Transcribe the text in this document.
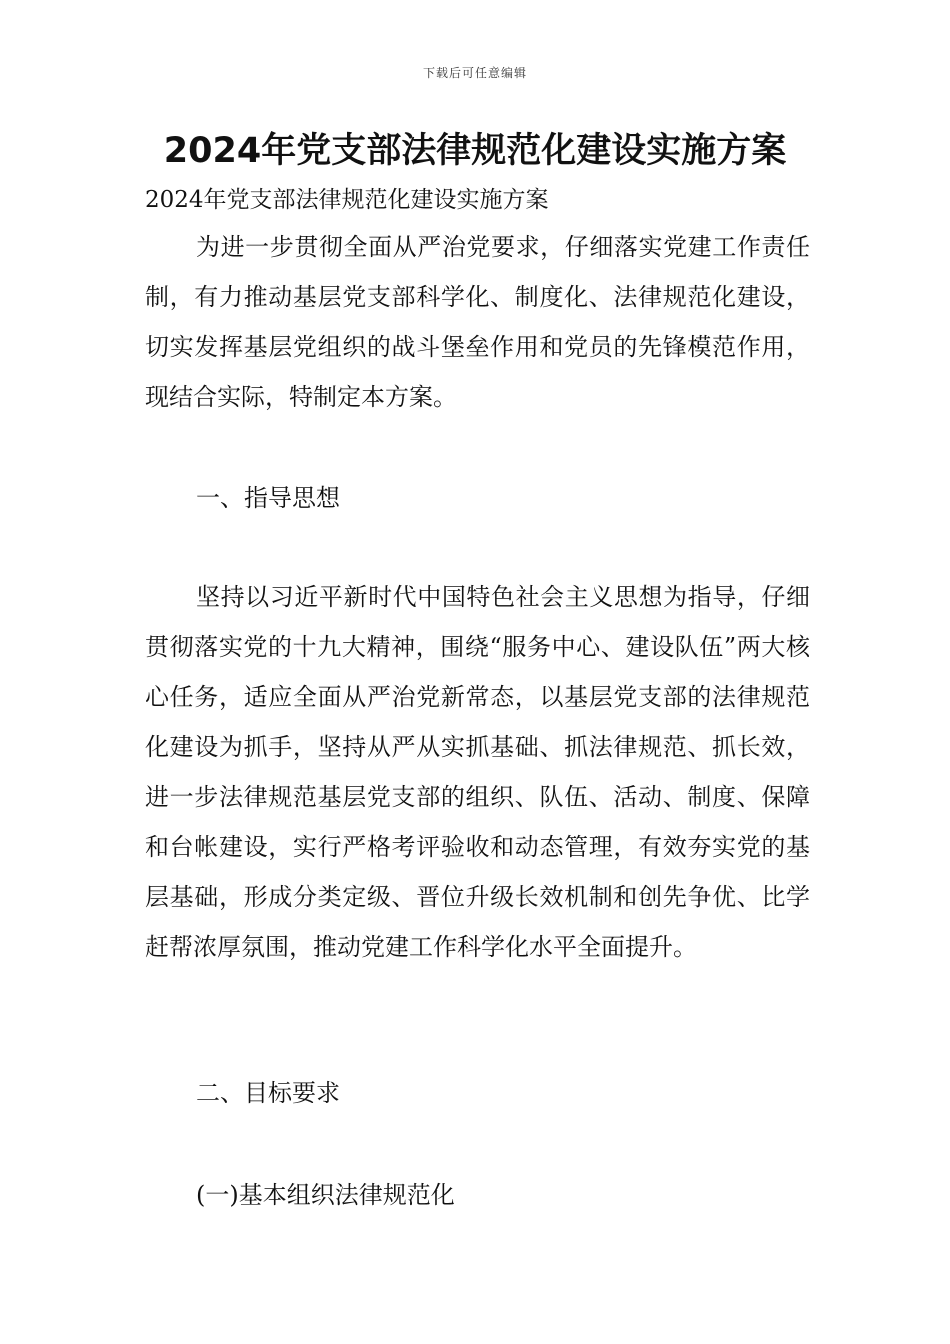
下载后可任意编辑
2024年党支部法律规范化建设实施方案

2024年党支部法律规范化建设实施方案

为进一步贯彻全面从严治党要求，仔细落实党建工作责任制，有力推动基层党支部科学化、制度化、法律规范化建设，切实发挥基层党组织的战斗堡垒作用和党员的先锋模范作用，现结合实际，特制定本方案。

一、指导思想

坚持以习近平新时代中国特色社会主义思想为指导，仔细贯彻落实党的十九大精神，围绕“服务中心、建设队伍”两大核心任务，适应全面从严治党新常态，以基层党支部的法律规范化建设为抓手，坚持从严从实抓基础、抓法律规范、抓长效，进一步法律规范基层党支部的组织、队伍、活动、制度、保障和台帐建设，实行严格考评验收和动态管理，有效夯实党的基层基础，形成分类定级、晋位升级长效机制和创先争优、比学赶帮浓厚氛围，推动党建工作科学化水平全面提升。

二、目标要求

(一)基本组织法律规范化
